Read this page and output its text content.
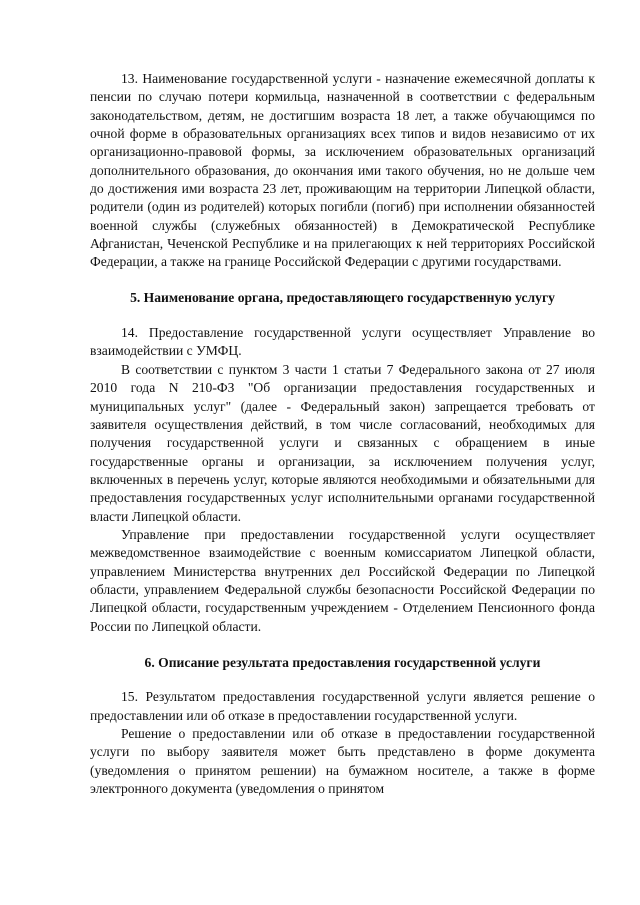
13. Наименование государственной услуги - назначение ежемесячной доплаты к пенсии по случаю потери кормильца, назначенной в соответствии с федеральным законодательством, детям, не достигшим возраста 18 лет, а также обучающимся по очной форме в образовательных организациях всех типов и видов независимо от их организационно-правовой формы, за исключением образовательных организаций дополнительного образования, до окончания ими такого обучения, но не дольше чем до достижения ими возраста 23 лет, проживающим на территории Липецкой области, родители (один из родителей) которых погибли (погиб) при исполнении обязанностей военной службы (служебных обязанностей) в Демократической Республике Афганистан, Чеченской Республике и на прилегающих к ней территориях Российской Федерации, а также на границе Российской Федерации с другими государствами.

5. Наименование органа, предоставляющего государственную услугу

14. Предоставление государственной услуги осуществляет Управление во взаимодействии с УМФЦ.

В соответствии с пунктом 3 части 1 статьи 7 Федерального закона от 27 июля 2010 года N 210-ФЗ "Об организации предоставления государственных и муниципальных услуг" (далее - Федеральный закон) запрещается требовать от заявителя осуществления действий, в том числе согласований, необходимых для получения государственной услуги и связанных с обращением в иные государственные органы и организации, за исключением получения услуг, включенных в перечень услуг, которые являются необходимыми и обязательными для предоставления государственных услуг исполнительными органами государственной власти Липецкой области.

Управление при предоставлении государственной услуги осуществляет межведомственное взаимодействие с военным комиссариатом Липецкой области, управлением Министерства внутренних дел Российской Федерации по Липецкой области, управлением Федеральной службы безопасности Российской Федерации по Липецкой области, государственным учреждением - Отделением Пенсионного фонда России по Липецкой области.

6. Описание результата предоставления государственной услуги

15. Результатом предоставления государственной услуги является решение о предоставлении или об отказе в предоставлении государственной услуги.

Решение о предоставлении или об отказе в предоставлении государственной услуги по выбору заявителя может быть представлено в форме документа (уведомления о принятом решении) на бумажном носителе, а также в форме электронного документа (уведомления о принятом
